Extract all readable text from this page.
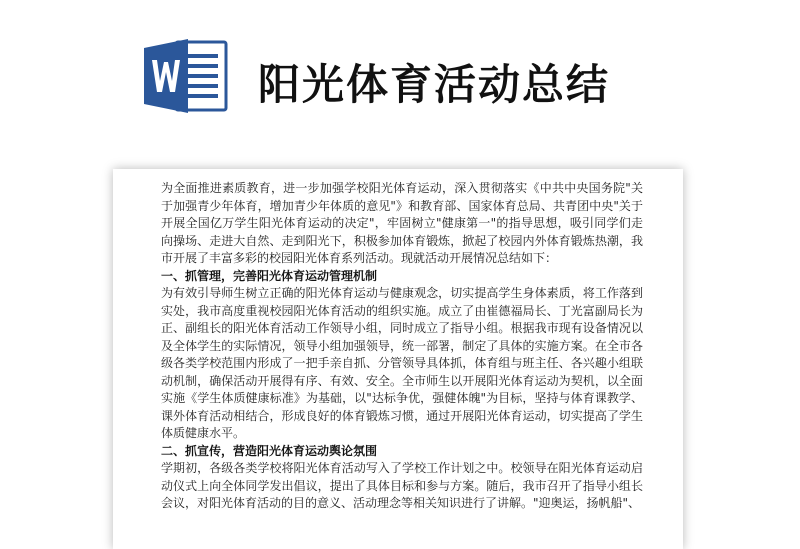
阳光体育活动总结

为全面推进素质教育，进一步加强学校阳光体育运动，深入贯彻落实《中共中央国务院"关于加强青少年体育，增加青少年体质的意见"》和教育部、国家体育总局、共青团中央"关于开展全国亿万学生阳光体育运动的决定"，牢固树立"健康第一"的指导思想，吸引同学们走向操场、走进大自然、走到阳光下，积极参加体育锻炼，掀起了校园内外体育锻炼热潮，我市开展了丰富多彩的校园阳光体育系列活动。现就活动开展情况总结如下：

一、抓管理，完善阳光体育运动管理机制

为有效引导师生树立正确的阳光体育运动与健康观念，切实提高学生身体素质，将工作落到实处，我市高度重视校园阳光体育活动的组织实施。成立了由崔德福局长、丁光富副局长为正、副组长的阳光体育活动工作领导小组，同时成立了指导小组。根据我市现有设备情况以及全体学生的实际情况，领导小组加强领导，统一部署，制定了具体的实施方案。在全市各级各类学校范围内形成了一把手亲自抓、分管领导具体抓，体育组与班主任、各兴趣小组联动机制，确保活动开展得有序、有效、安全。全市师生以开展阳光体育运动为契机，以全面实施《学生体质健康标准》为基础，以"达标争优，强健体魄"为目标，坚持与体育课教学、课外体育活动相结合，形成良好的体育锻炼习惯，通过开展阳光体育运动，切实提高了学生体质健康水平。

二、抓宣传，营造阳光体育运动舆论氛围

学期初，各级各类学校将阳光体育活动写入了学校工作计划之中。校领导在阳光体育运动启动仪式上向全体同学发出倡议，提出了具体目标和参与方案。随后，我市召开了指导小组长会议，对阳光体育活动的目的意义、活动理念等相关知识进行了讲解。"迎奥运，扬帆船"、
